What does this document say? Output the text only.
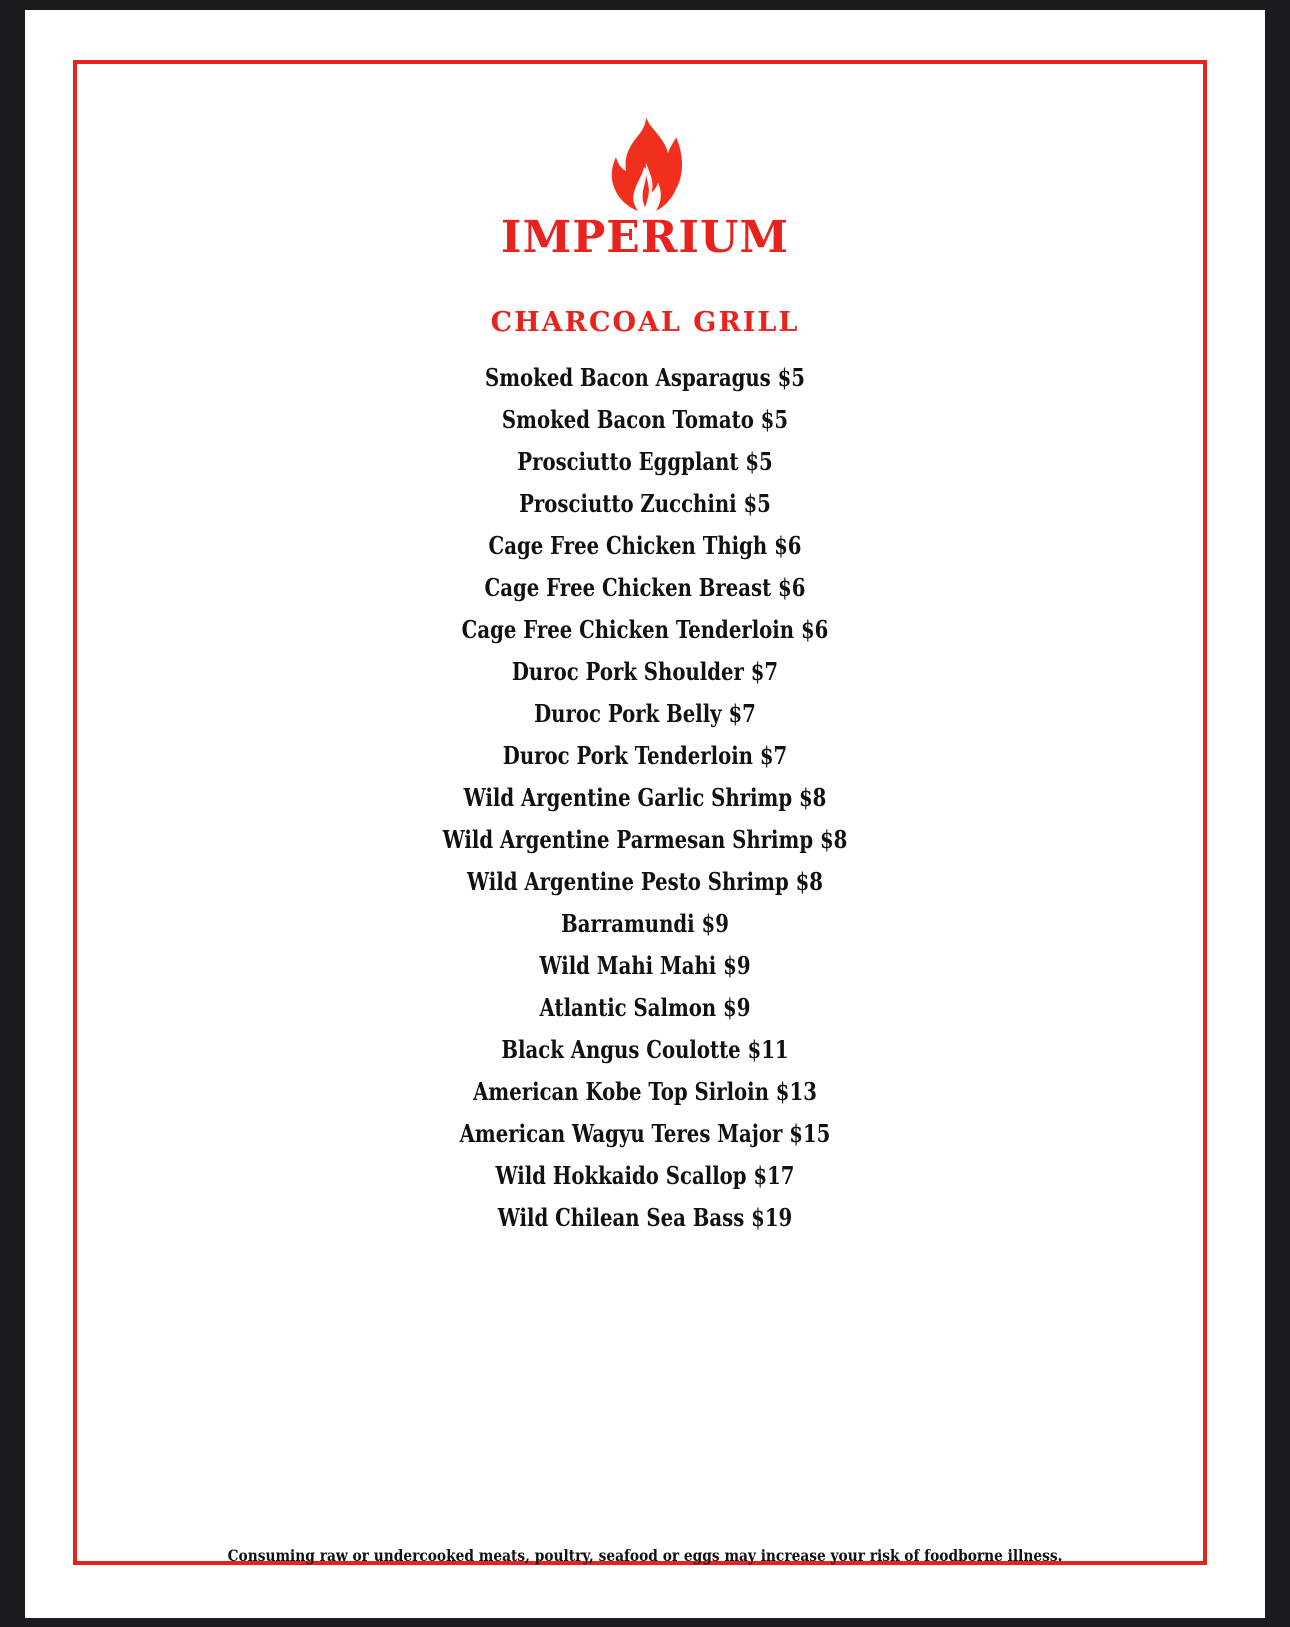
IMPERIUM
CHARCOAL GRILL
Smoked Bacon Asparagus $5
Smoked Bacon Tomato $5
Prosciutto Eggplant $5
Prosciutto Zucchini $5
Cage Free Chicken Thigh $6
Cage Free Chicken Breast $6
Cage Free Chicken Tenderloin $6
Duroc Pork Shoulder $7
Duroc Pork Belly $7
Duroc Pork Tenderloin $7
Wild Argentine Garlic Shrimp $8
Wild Argentine Parmesan Shrimp $8
Wild Argentine Pesto Shrimp $8
Barramundi $9
Wild Mahi Mahi $9
Atlantic Salmon $9
Black Angus Coulotte $11
American Kobe Top Sirloin $13
American Wagyu Teres Major $15
Wild Hokkaido Scallop $17
Wild Chilean Sea Bass $19
Consuming raw or undercooked meats, poultry, seafood or eggs may increase your risk of foodborne illness.
